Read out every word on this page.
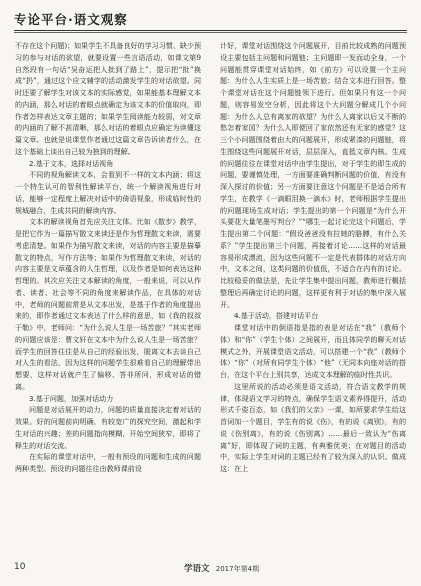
专论平台·语文观察

不存在这个问题)；如果学生不具备良好的学习习惯、缺少预习的参与对话的欲望，就要设置一些言语活动，如课文第9自然段有一句话“吴奋运把人批到了路上”，提示把“批”换成“扔”，通过这个应文辅学的活动激发学生的对话欲望。同时还要了解学生对该文本的实际感觉，如果能基本理解文本的内涵，那么对话的着眼点就确定为该文本的价值取向，即作者怎样表达文章主题的；如果学生阅读能力较弱，对文章的内涵的了解不甚清晰，那么对话的着眼点应确定为读懂这篇文章。也就是说课堂作者通过这篇文章告诉读者什么，在这个基础上谈出自己较为独到的理解。

2.基于文本，选择对话视角

不同的视角解读文本，会看到不一样的文本内涵；将这一个特生认可的智利性解读平台，统一个解读视角进行对话，能够一定程度上解决对话中的倚语视象，形成临时性的规城融合，生成共同的解读内容。

文本的解读视角首先应关注文体。比如《散步》教学，是把它作为一篇描写散文来读还是作为哲理散文来读，需要考虑清楚。如果作为描写散文来读，对话的内容主要是描摹散文的特点，写作方法等；如果作为哲理散文来读，对话的内容主要是文章蕴含的人生哲理，以及作者是如何表达这种哲理的。其次应关注文本解读的角度，一般来说，可以从作者、读者、社会等不同的角度来解读作品，在具体的对话中，老师的问题前常是从文本出发，是基于作者的角度提出来的，即作者通过文本表达了什么样的意思，如《我的叔叔于勒》中，老师问：“为什么说人生是一场苦旅？”其实老师的问题应该是：曹文轩在文本中为什么说人生是一场苦旅？而学生的回答往往是从自己的经验出发，脱离文本去谈自己对人生的看法，因为这样的问题学生很难看自己的理解带出想要，这样对话就产生了偏移、答非所问，形成对话的错离。

3.基于问题，加强对话动力

问题是对话展开的动力，问题的质量直接决定着对话的效果。好的问题前向明确，有较宽广的探究空间，激起和学生对话的兴趣；差的问题指向模糊，开始空间狭窄，即将了释生的对话交流。

在实际的课堂对话中，一般有预设的问题和生成的问题两种类型。预设的问题往往由教师课前设

计好，课堂对话围绕这个问题展开，目前比较成熟的问题预设主要包括主问题和问题链；主问题即一发而动全身，一个问题能贯穿课堂对话始终，如《前方》可以设置一个主问题：为什么人生实质上是一场苦旅；结合文本进行回答。整个课堂对话在这个问题链领下进行。但如果只有这一个问题，则容易发空分析，因此将这个大问题分解成几个小问题：为什么人总有离家的欲望？为什么人离家以后又不断的愁怎着家园？为什么人即便回了家依然还有无家的感觉？这三个小问题围绕着由大的问题展开，形成紧凑的问题链，将生围绕这些问题展开对话，层层深入，直抵文章内核。生成的问题往往在课堂对话中由学生提出，对于学生的即生成的问题，要谨慎处理，一方面要准确判断问题的价值，有没有深入探讨的价值；另一方面要注意这个问题是不是适合所有学生，在教学《一滴眼泪换一滴水》时，老师根据学生提出的问题现场生成对话；学生提出的第一个问题是“为什么开头要花大量笔墨写判台？”“哪生一起讨论完这个问题后，学生提出第二个问题：“假设爸爸没有拉她的胳膊，有什么关系？”学生提出第三个问题，再接着讨论……这样的对话最容易形成漂流，因为这些问题不一定是代表群体的对话方向中，文本之间，这类问题的价值低，不适合在内有的讨论。比较稳妥的做法是，先让学生集中提出问题，教师进行概括整理后再确定讨论的问题，这样更有利于对话的集中深入展开。

4.基于活动，搭建对话平台

课堂对话中的倒语指是指的表是对话在“我”（教师个体）和“你”（学生个体）之间展开，而且体同学的聊天对话模式之外，开展课堂语文活动，可以搭建一个“我”（教师个体）“你”（对所有同学生个体）“他”（无同本向座对话的搭台，在这个平台上别共享，达成文本理解的临时性共识。

这里所说的活动必须是语文活动，符合语文教学的规律，体现语文学习的特点，确保学生语文素养得提升，活动形式千姿百态，如《我们的父亲》一课，如所要求学生给这首词加一个题目，学生有的说《伤》，有的说《离别》，有的说《伤别离》，有的说《伤别离》……最后一致认为“伤离离”好，即体现了词的主题，有典雅优美；在对题目的活动中，实际上学生对词的主题已经有了较为深入的认识。做成这：在上

10	学语文 2017年第4期
